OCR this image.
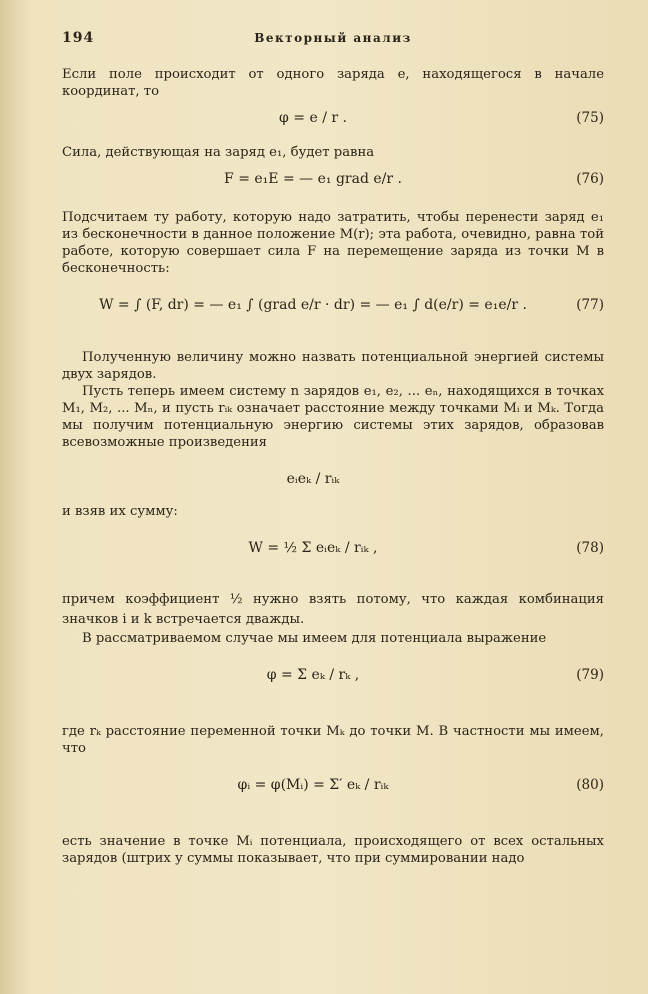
194	Векторный анализ

Если поле происходит от одного заряда e, находящегося в начале координат, то

φ = e / r .	(75)

Сила, действующая на заряд e₁, будет равна

F = e₁E = — e₁ grad e/r .	(76)

Подсчитаем ту работу, которую надо затратить, чтобы перенести заряд e₁ из бесконечности в данное положение M(r); эта работа, очевидно, равна той работе, которую совершает сила F на перемещение заряда из точки M в бесконечность:

W = ∫ (F, dr) = — e₁ ∫ (grad e/r · dr) = — e₁ ∫ d(e/r) = e₁e/r .	(77)

Полученную величину можно назвать потенциальной энергией системы двух зарядов.

Пусть теперь имеем систему n зарядов e₁, e₂, ... eₙ, находящихся в точках M₁, M₂, ... Mₙ, и пусть rᵢₖ означает расстояние между точками Mᵢ и Mₖ. Тогда мы получим потенциальную энергию системы этих зарядов, образовав всевозможные произведения

eᵢeₖ / rᵢₖ

и взяв их сумму:

W = ½ Σ eᵢeₖ / rᵢₖ ,	(78)

причем коэффициент ½ нужно взять потому, что каждая комбинация значков i и k встречается дважды.

В рассматриваемом случае мы имеем для потенциала выражение

φ = Σ eₖ / rₖ ,	(79)

где rₖ расстояние переменной точки Mₖ до точки M. В частности мы имеем, что

φᵢ = φ(Mᵢ) = Σ′ eₖ / rᵢₖ	(80)

есть значение в точке Mᵢ потенциала, происходящего от всех остальных зарядов (штрих у суммы показывает, что при суммировании надо
